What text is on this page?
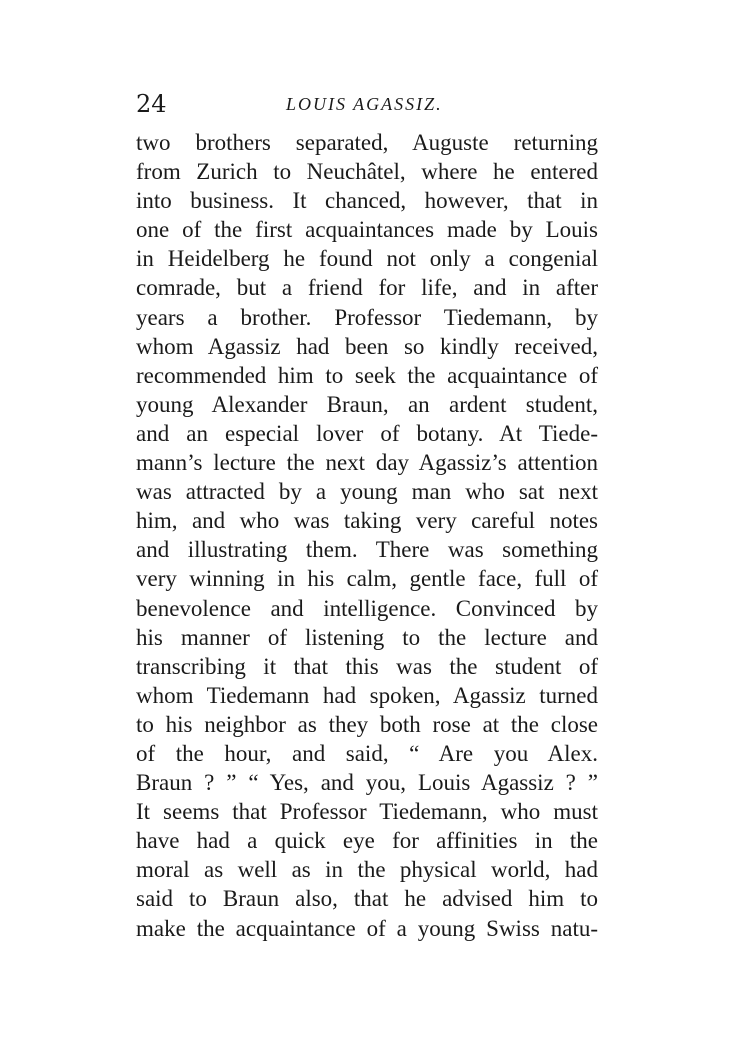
24	LOUIS AGASSIZ.
two brothers separated, Auguste returning
from Zurich to Neuchâtel, where he entered
into business. It chanced, however, that in
one of the first acquaintances made by Louis
in Heidelberg he found not only a congenial
comrade, but a friend for life, and in after
years a brother. Professor Tiedemann, by
whom Agassiz had been so kindly received,
recommended him to seek the acquaintance of
young Alexander Braun, an ardent student,
and an especial lover of botany. At Tiede-
mann’s lecture the next day Agassiz’s attention
was attracted by a young man who sat next
him, and who was taking very careful notes
and illustrating them. There was something
very winning in his calm, gentle face, full of
benevolence and intelligence. Convinced by
his manner of listening to the lecture and
transcribing it that this was the student of
whom Tiedemann had spoken, Agassiz turned
to his neighbor as they both rose at the close
of the hour, and said, “ Are you Alex.
Braun ? ” “ Yes, and you, Louis Agassiz ? ”
It seems that Professor Tiedemann, who must
have had a quick eye for affinities in the
moral as well as in the physical world, had
said to Braun also, that he advised him to
make the acquaintance of a young Swiss natu-
